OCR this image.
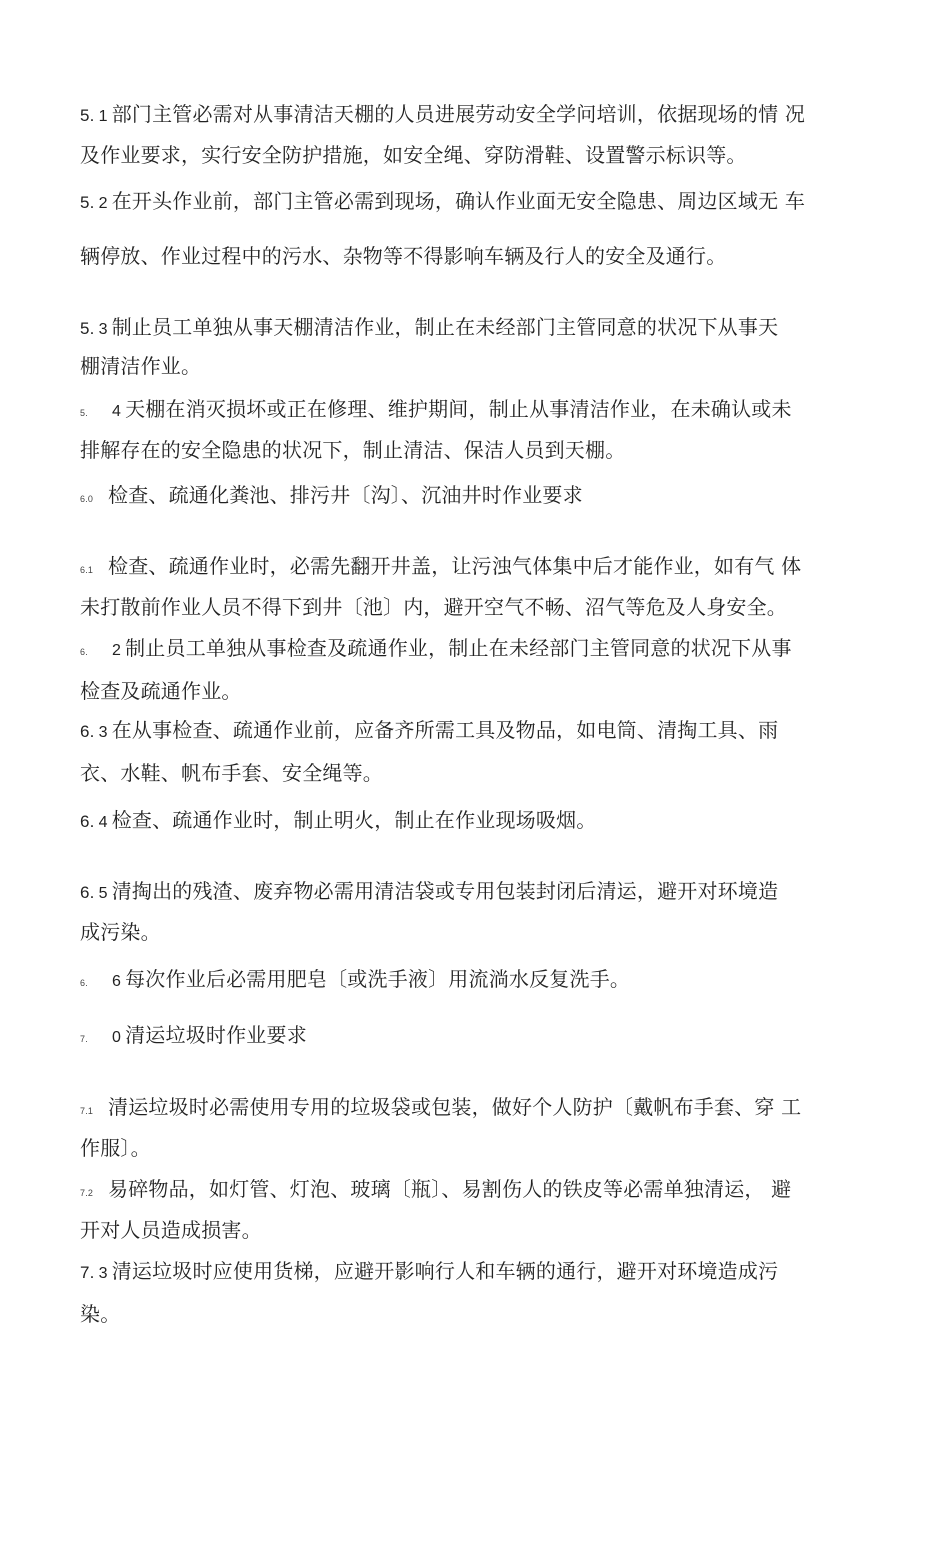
5. 1 部门主管必需对从事清洁天棚的人员进展劳动安全学问培训，依据现场的情 况
及作业要求，实行安全防护措施，如安全绳、穿防滑鞋、设置警示标识等。
5. 2 在开头作业前，部门主管必需到现场，确认作业面无安全隐患、周边区域无 车
辆停放、作业过程中的污水、杂物等不得影响车辆及行人的安全及通行。
5. 3 制止员工单独从事天棚清洁作业，制止在未经部门主管同意的状况下从事天
棚清洁作业。
5. 4 天棚在消灭损坏或正在修理、维护期间，制止从事清洁作业，在未确认或未
排解存在的安全隐患的状况下，制止清洁、保洁人员到天棚。
6.0 检查、疏通化粪池、排污井〔沟〕、沉油井时作业要求
6.1 检查、疏通作业时，必需先翻开井盖，让污浊气体集中后才能作业，如有气 体
未打散前作业人员不得下到井〔池〕内，避开空气不畅、沼气等危及人身安全。
6. 2 制止员工单独从事检查及疏通作业，制止在未经部门主管同意的状况下从事
检查及疏通作业。
6. 3 在从事检查、疏通作业前，应备齐所需工具及物品，如电筒、清掏工具、雨
衣、水鞋、帆布手套、安全绳等。
6. 4 检查、疏通作业时，制止明火，制止在作业现场吸烟。
6. 5 清掏出的残渣、废弃物必需用清洁袋或专用包装封闭后清运，避开对环境造
成污染。
6. 6 每次作业后必需用肥皂〔或洗手液〕用流淌水反复洗手。
7. 0 清运垃圾时作业要求
7.1 清运垃圾时必需使用专用的垃圾袋或包装，做好个人防护〔戴帆布手套、穿 工
作服〕。
7.2 易碎物品，如灯管、灯泡、玻璃〔瓶〕、易割伤人的铁皮等必需单独清运， 避
开对人员造成损害。
7. 3 清运垃圾时应使用货梯，应避开影响行人和车辆的通行，避开对环境造成污
染。
